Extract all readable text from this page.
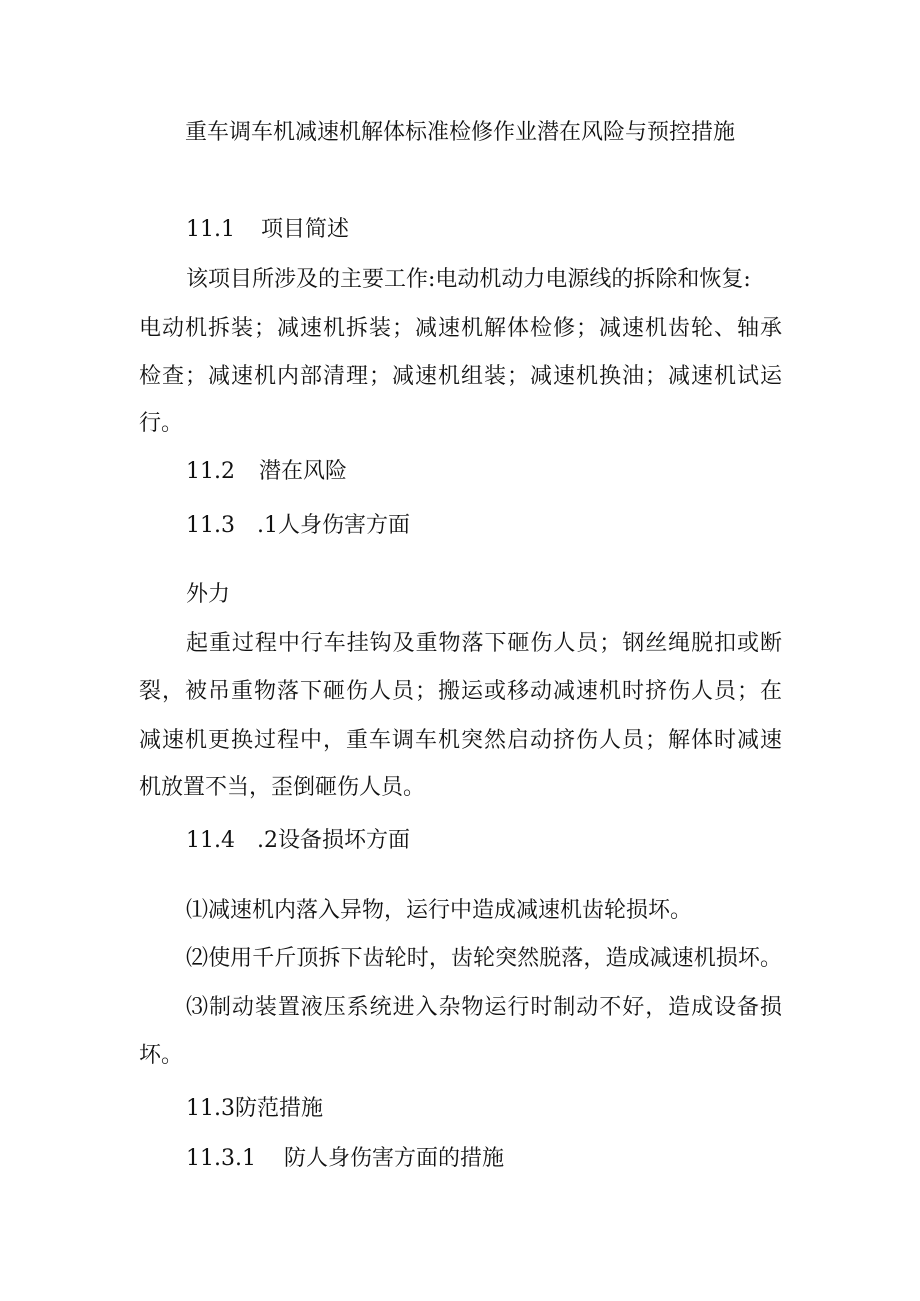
重车调车机减速机解体标准检修作业潜在风险与预控措施
11.1 项目简述
该项目所涉及的主要工作:电动机动力电源线的拆除和恢复:
电动机拆装；减速机拆装；减速机解体检修；减速机齿轮、轴承
检查；减速机内部清理；减速机组装；减速机换油；减速机试运
行。
11.2 潜在风险
11.3 .1人身伤害方面
外力
起重过程中行车挂钩及重物落下砸伤人员；钢丝绳脱扣或断
裂，被吊重物落下砸伤人员；搬运或移动减速机时挤伤人员；在
减速机更换过程中，重车调车机突然启动挤伤人员；解体时减速
机放置不当，歪倒砸伤人员。
11.4 .2设备损坏方面
⑴减速机内落入异物，运行中造成减速机齿轮损坏。
⑵使用千斤顶拆下齿轮时，齿轮突然脱落，造成减速机损坏。
⑶制动装置液压系统进入杂物运行时制动不好，造成设备损
坏。
11.3防范措施
11.3.1 防人身伤害方面的措施
